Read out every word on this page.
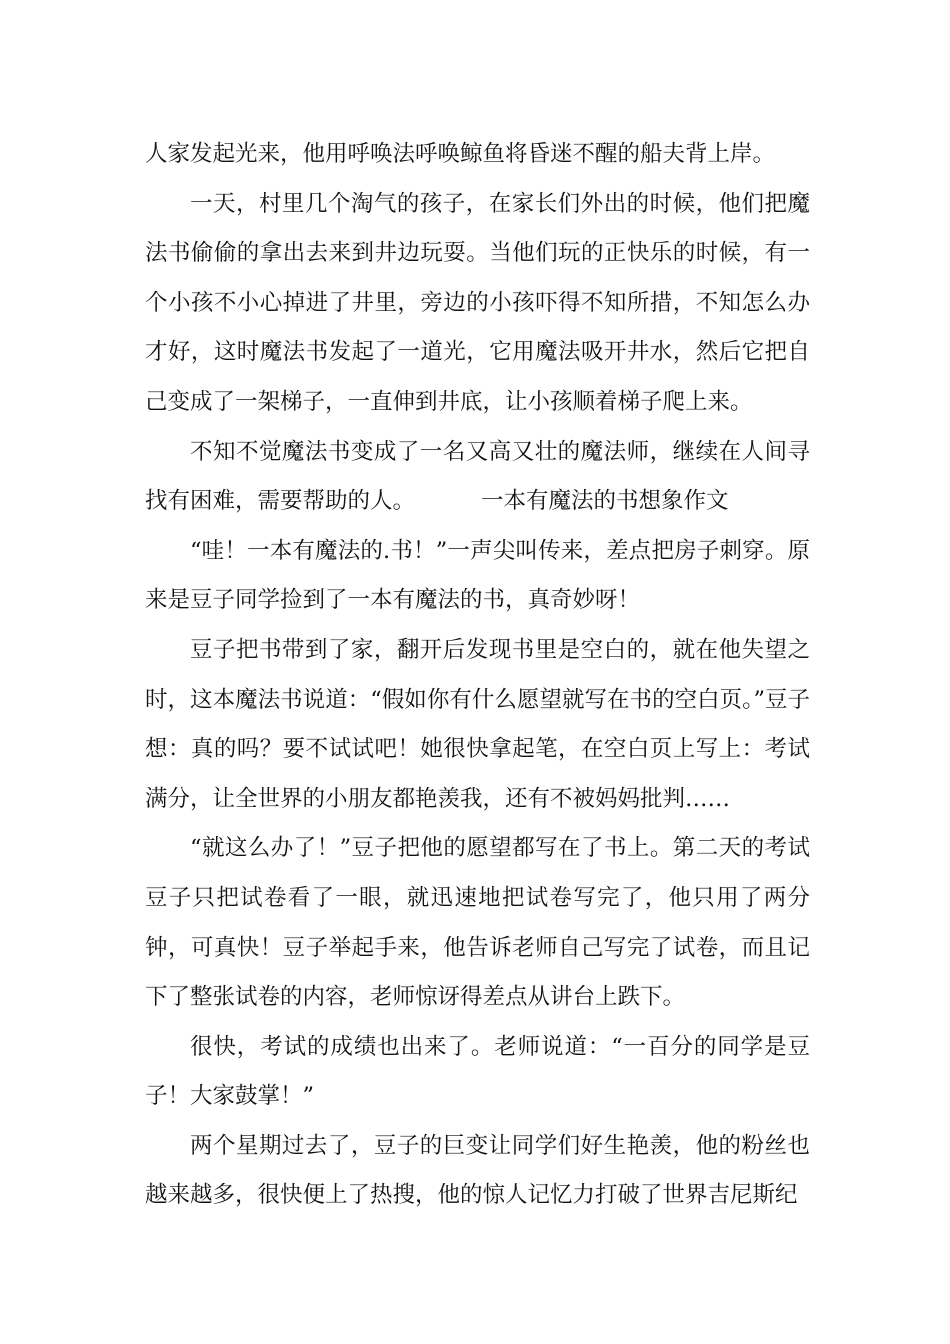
人家发起光来，他用呼唤法呼唤鲸鱼将昏迷不醒的船夫背上岸。

一天，村里几个淘气的孩子，在家长们外出的时候，他们把魔法书偷偷的拿出去来到井边玩耍。当他们玩的正快乐的时候，有一个小孩不小心掉进了井里，旁边的小孩吓得不知所措，不知怎么办才好，这时魔法书发起了一道光，它用魔法吸开井水，然后它把自己变成了一架梯子，一直伸到井底，让小孩顺着梯子爬上来。

不知不觉魔法书变成了一名又高又壮的魔法师，继续在人间寻找有困难，需要帮助的人。	一本有魔法的书想象作文

“哇！一本有魔法的.书！”一声尖叫传来，差点把房子刺穿。原来是豆子同学捡到了一本有魔法的书，真奇妙呀！

豆子把书带到了家，翻开后发现书里是空白的，就在他失望之时，这本魔法书说道：“假如你有什么愿望就写在书的空白页。”豆子想：真的吗？要不试试吧！她很快拿起笔，在空白页上写上：考试满分，让全世界的小朋友都艳羡我，还有不被妈妈批判……

“就这么办了！”豆子把他的愿望都写在了书上。第二天的考试豆子只把试卷看了一眼，就迅速地把试卷写完了，他只用了两分钟，可真快！豆子举起手来，他告诉老师自己写完了试卷，而且记下了整张试卷的内容，老师惊讶得差点从讲台上跌下。

很快，考试的成绩也出来了。老师说道：“一百分的同学是豆子！大家鼓掌！”

两个星期过去了，豆子的巨变让同学们好生艳羡，他的粉丝也越来越多，很快便上了热搜，他的惊人记忆力打破了世界吉尼斯纪
